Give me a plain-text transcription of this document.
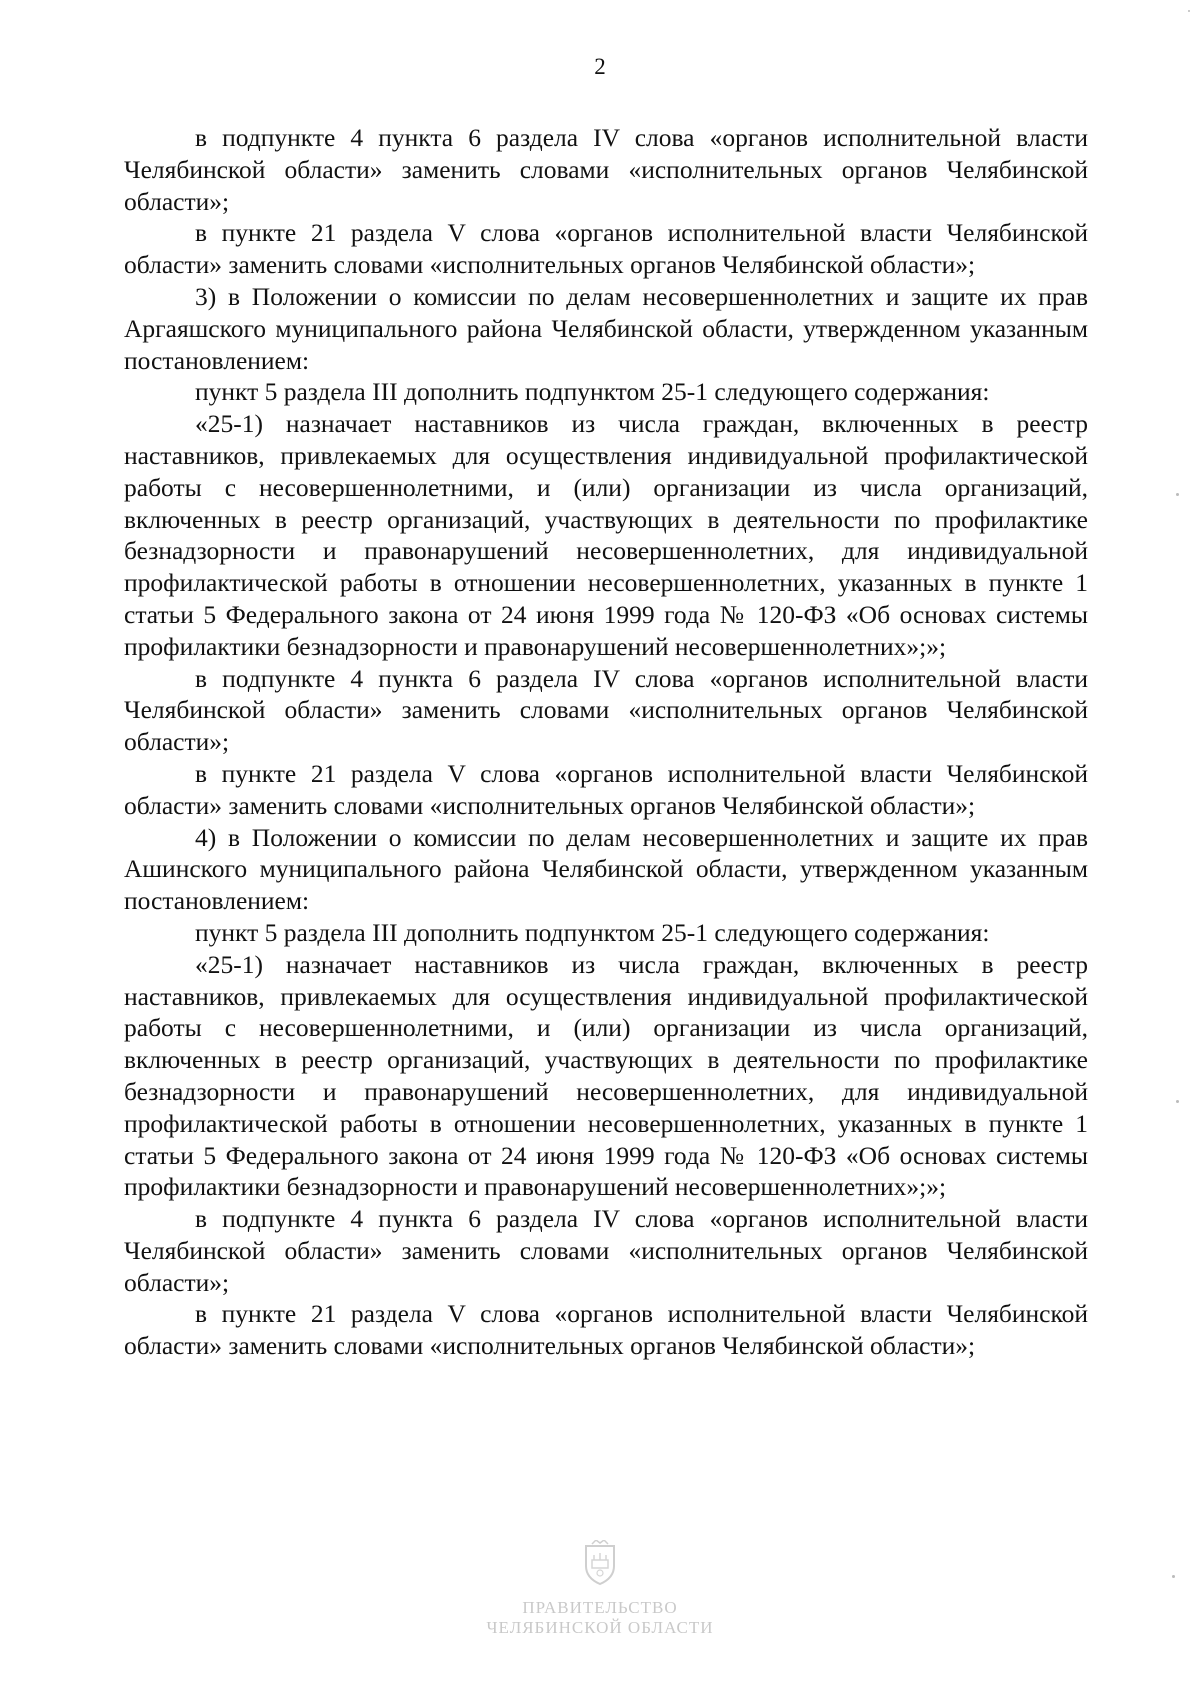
2

в подпункте 4 пункта 6 раздела IV слова «органов исполнительной власти Челябинской области» заменить словами «исполнительных органов Челябинской области»;

в пункте 21 раздела V слова «органов исполнительной власти Челябинской области» заменить словами «исполнительных органов Челябинской области»;

3) в Положении о комиссии по делам несовершеннолетних и защите их прав Аргаяшского муниципального района Челябинской области, утвержденном указанным постановлением:

пункт 5 раздела III дополнить подпунктом 25-1 следующего содержания:

«25-1) назначает наставников из числа граждан, включенных в реестр наставников, привлекаемых для осуществления индивидуальной профилактической работы с несовершеннолетними, и (или) организации из числа организаций, включенных в реестр организаций, участвующих в деятельности по профилактике безнадзорности и правонарушений несовершеннолетних, для индивидуальной профилактической работы в отношении несовершеннолетних, указанных в пункте 1 статьи 5 Федерального закона от 24 июня 1999 года № 120-ФЗ «Об основах системы профилактики безнадзорности и правонарушений несовершеннолетних»;»;

в подпункте 4 пункта 6 раздела IV слова «органов исполнительной власти Челябинской области» заменить словами «исполнительных органов Челябинской области»;

в пункте 21 раздела V слова «органов исполнительной власти Челябинской области» заменить словами «исполнительных органов Челябинской области»;

4) в Положении о комиссии по делам несовершеннолетних и защите их прав Ашинского муниципального района Челябинской области, утвержденном указанным постановлением:

пункт 5 раздела III дополнить подпунктом 25-1 следующего содержания:

«25-1) назначает наставников из числа граждан, включенных в реестр наставников, привлекаемых для осуществления индивидуальной профилактической работы с несовершеннолетними, и (или) организации из числа организаций, включенных в реестр организаций, участвующих в деятельности по профилактике безнадзорности и правонарушений несовершеннолетних, для индивидуальной профилактической работы в отношении несовершеннолетних, указанных в пункте 1 статьи 5 Федерального закона от 24 июня 1999 года № 120-ФЗ «Об основах системы профилактики безнадзорности и правонарушений несовершеннолетних»;»;

в подпункте 4 пункта 6 раздела IV слова «органов исполнительной власти Челябинской области» заменить словами «исполнительных органов Челябинской области»;

в пункте 21 раздела V слова «органов исполнительной власти Челябинской области» заменить словами «исполнительных органов Челябинской области»;

ПРАВИТЕЛЬСТВО
ЧЕЛЯБИНСКОЙ ОБЛАСТИ
